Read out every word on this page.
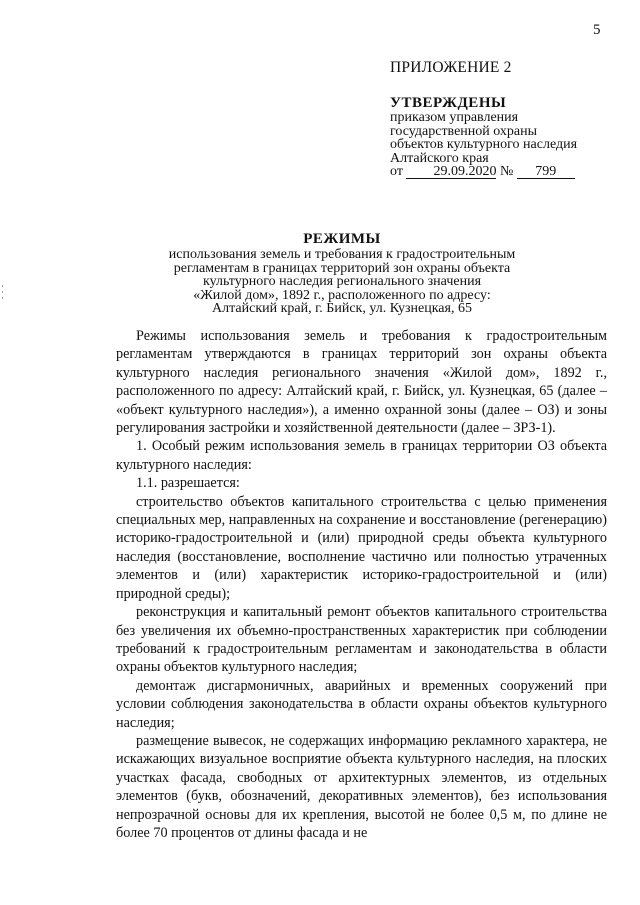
5
ПРИЛОЖЕНИЕ 2
УТВЕРЖДЕНЫ
приказом управления
государственной охраны
объектов культурного наследия
Алтайского края
от 29.09.2020 № 799
РЕЖИМЫ
использования земель и требования к градостроительным
регламентам в границах территорий зон охраны объекта
культурного наследия регионального значения
«Жилой дом», 1892 г., расположенного по адресу:
Алтайский край, г. Бийск, ул. Кузнецкая, 65

Режимы использования земель и требования к градостроительным регламентам утверждаются в границах территорий зон охраны объекта культурного наследия регионального значения «Жилой дом», 1892 г., расположенного по адресу: Алтайский край, г. Бийск, ул. Кузнецкая, 65 (далее – «объект культурного наследия»), а именно охранной зоны (далее – ОЗ) и зоны регулирования застройки и хозяйственной деятельности (далее – ЗРЗ-1).

1. Особый режим использования земель в границах территории ОЗ объекта культурного наследия:

1.1. разрешается:

строительство объектов капитального строительства с целью применения специальных мер, направленных на сохранение и восстановление (регенерацию) историко-градостроительной и (или) природной среды объекта культурного наследия (восстановление, восполнение частично или полностью утраченных элементов и (или) характеристик историко-градостроительной и (или) природной среды);

реконструкция и капитальный ремонт объектов капитального строительства без увеличения их объемно-пространственных характеристик при соблюдении требований к градостроительным регламентам и законодательства в области охраны объектов культурного наследия;

демонтаж дисгармоничных, аварийных и временных сооружений при условии соблюдения законодательства в области охраны объектов культурного наследия;

размещение вывесок, не содержащих информацию рекламного характера, не искажающих визуальное восприятие объекта культурного наследия, на плоских участках фасада, свободных от архитектурных элементов, из отдельных элементов (букв, обозначений, декоративных элементов), без использования непрозрачной основы для их крепления, высотой не более 0,5 м, по длине не более 70 процентов от длины фасада и не
